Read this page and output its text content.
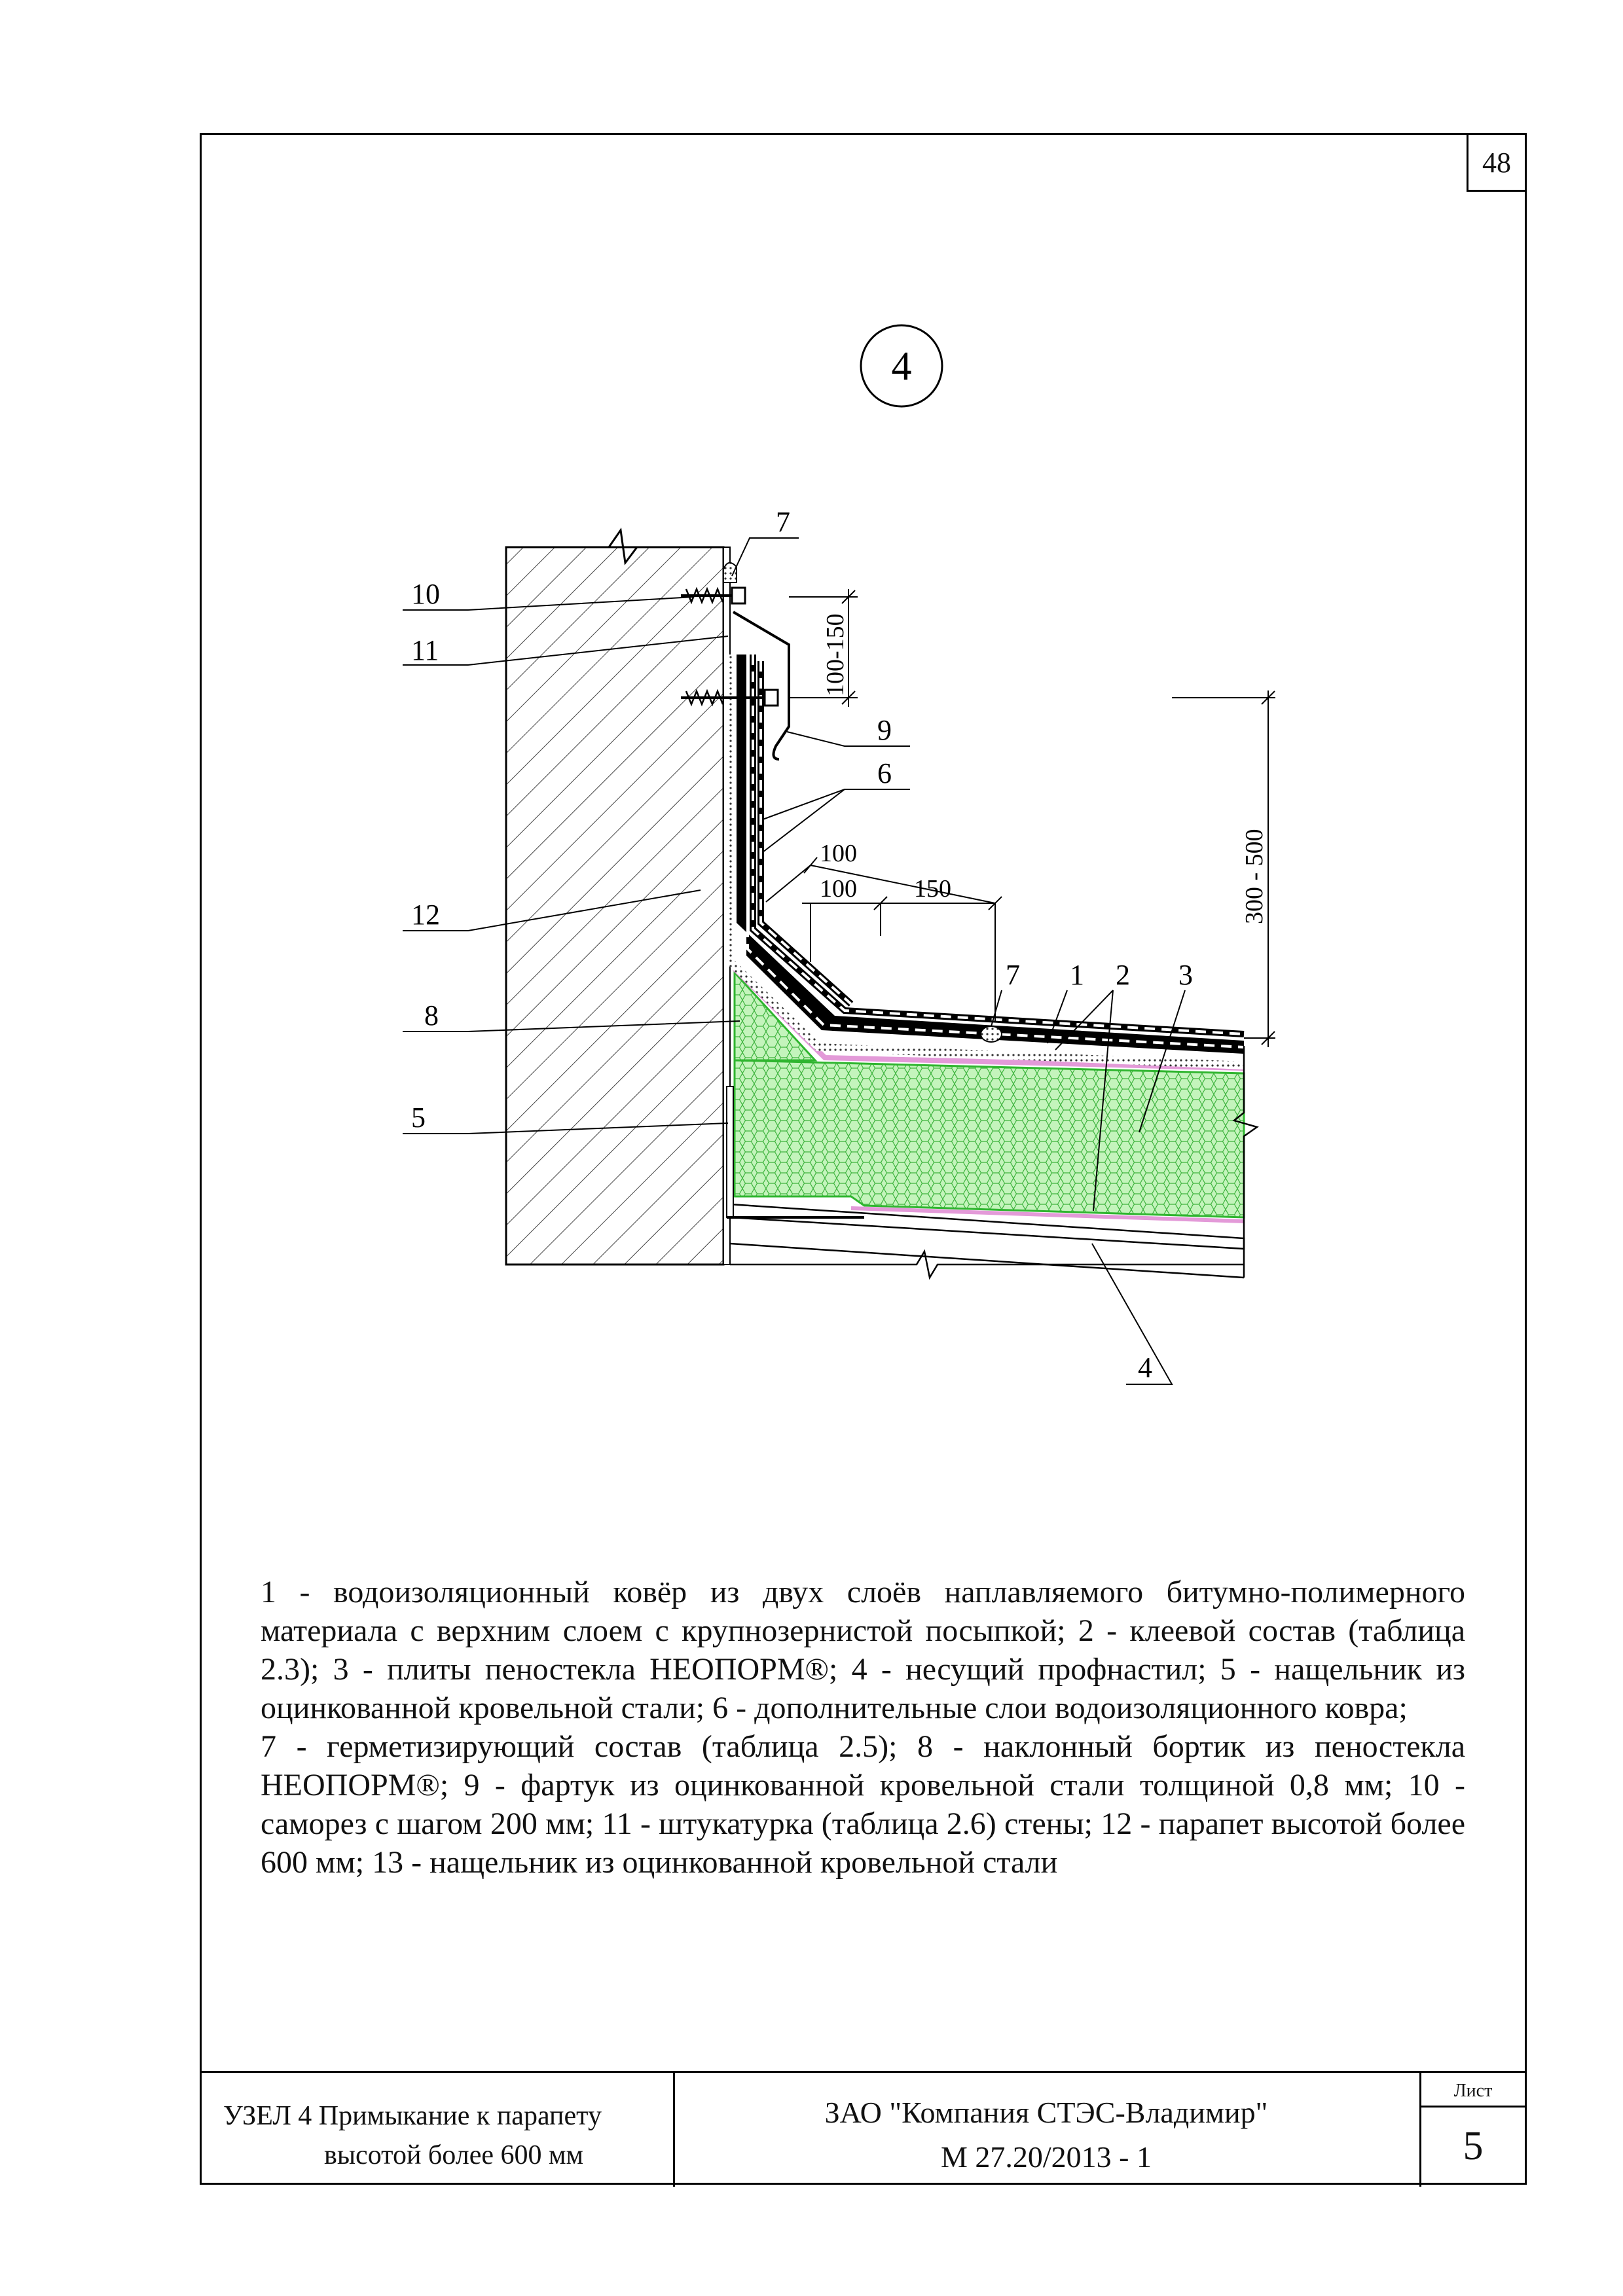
48
4
7
10
11
9
6
12
8
5
7 1 2 3
4
100-150
300 - 500
100
100 150

1 - водоизоляционный ковёр из двух слоёв наплавляемого битумно-полимерного материала с верхним слоем с крупнозернистой посыпкой; 2 - клеевой состав (таблица 2.3); 3 - плиты пеностекла НЕОПОРМ®; 4 - несущий профнастил; 5 - нащельник из оцинкованной кровельной стали; 6 - дополнительные слои водоизоляционного ковра;

7 - герметизирующий состав (таблица 2.5); 8 - наклонный бортик из пеностекла НЕОПОРМ®; 9 - фартук из оцинкованной кровельной стали толщиной 0,8 мм; 10 - саморез с шагом 200 мм; 11 - штукатурка (таблица 2.6) стены; 12 - парапет высотой более 600 мм; 13 - нащельник из оцинкованной кровельной стали

УЗЕЛ 4 Примыкание к парапету
высотой более 600 мм
ЗАО "Компания СТЭС-Владимир"
М 27.20/2013 - 1
Лист
5
